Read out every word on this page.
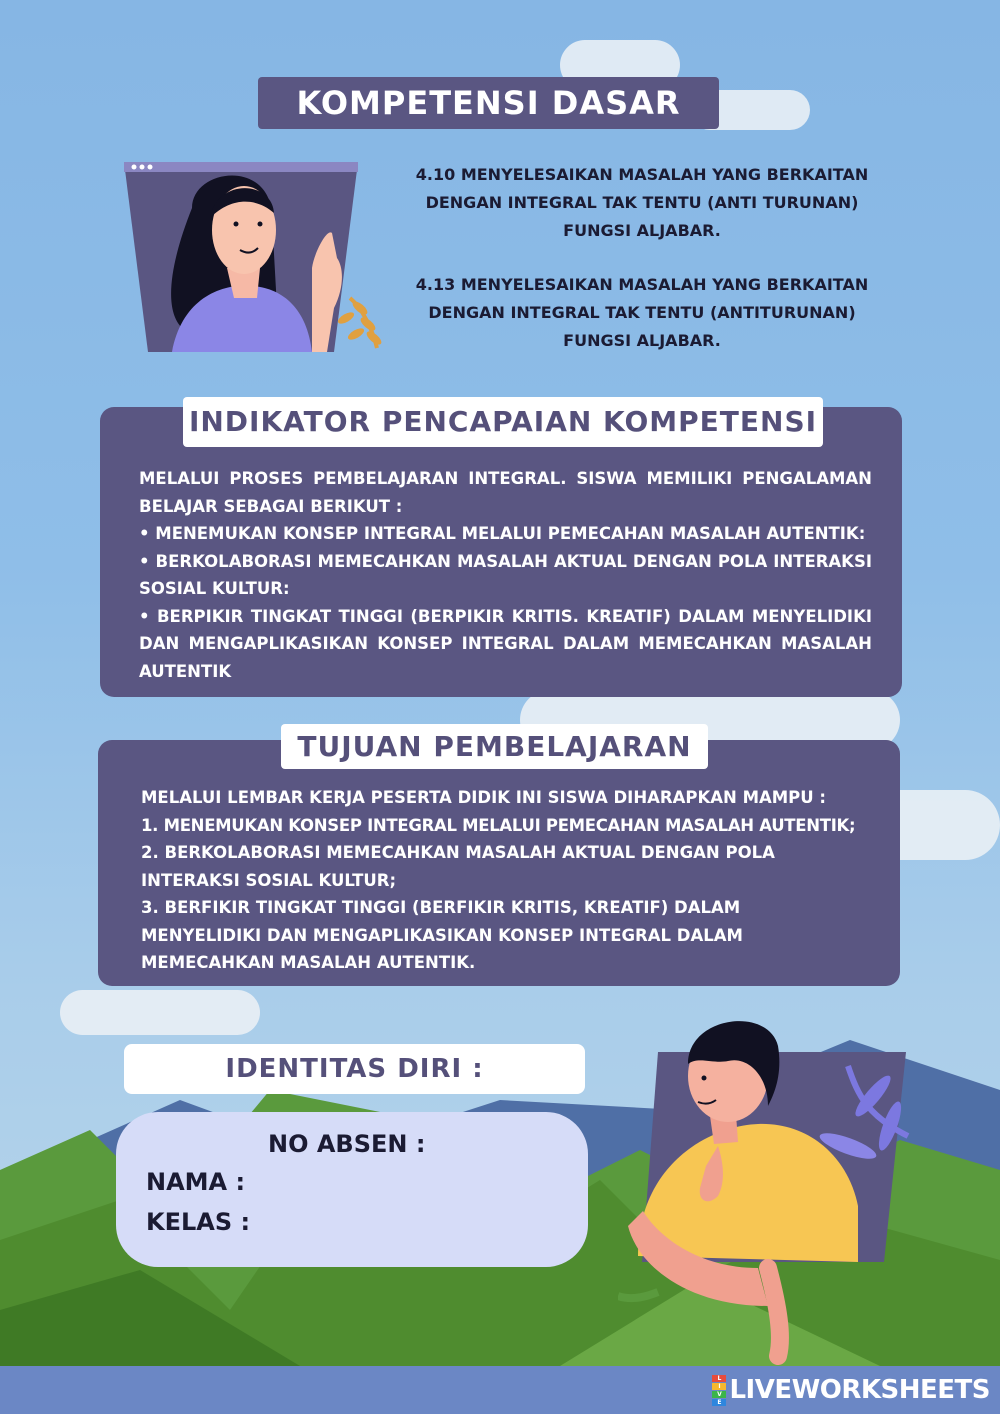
KOMPETENSI DASAR

4.10 MENYELESAIKAN MASALAH YANG BERKAITAN

DENGAN INTEGRAL TAK TENTU (ANTI TURUNAN)

FUNGSI ALJABAR.

4.13 MENYELESAIKAN MASALAH YANG BERKAITAN

DENGAN INTEGRAL TAK TENTU (ANTITURUNAN)

FUNGSI ALJABAR.

MELALUI PROSES PEMBELAJARAN INTEGRAL. SISWA MEMILIKI PENGALAMAN BELAJAR SEBAGAI BERIKUT :

• MENEMUKAN KONSEP INTEGRAL MELALUI PEMECAHAN MASALAH AUTENTIK:

• BERKOLABORASI MEMECAHKAN MASALAH AKTUAL DENGAN POLA INTERAKSI SOSIAL KULTUR:

• BERPIKIR TINGKAT TINGGI (BERPIKIR KRITIS. KREATIF) DALAM MENYELIDIKI DAN MENGAPLIKASIKAN KONSEP INTEGRAL DALAM MEMECAHKAN MASALAH AUTENTIK

INDIKATOR PENCAPAIAN KOMPETENSI

MELALUI LEMBAR KERJA PESERTA DIDIK INI SISWA DIHARAPKAN MAMPU :

1. MENEMUKAN KONSEP INTEGRAL MELALUI PEMECAHAN MASALAH AUTENTIK;

2. BERKOLABORASI MEMECAHKAN MASALAH AKTUAL DENGAN POLA INTERAKSI SOSIAL KULTUR;

3. BERFIKIR TINGKAT TINGGI (BERFIKIR KRITIS, KREATIF) DALAM MENYELIDIKI DAN MENGAPLIKASIKAN KONSEP INTEGRAL DALAM MEMECAHKAN MASALAH AUTENTIK.

TUJUAN PEMBELAJARAN
IDENTITAS DIRI :
NO ABSEN :
NAMA :
KELAS :
L
I
V
E LIVEWORKSHEETS
